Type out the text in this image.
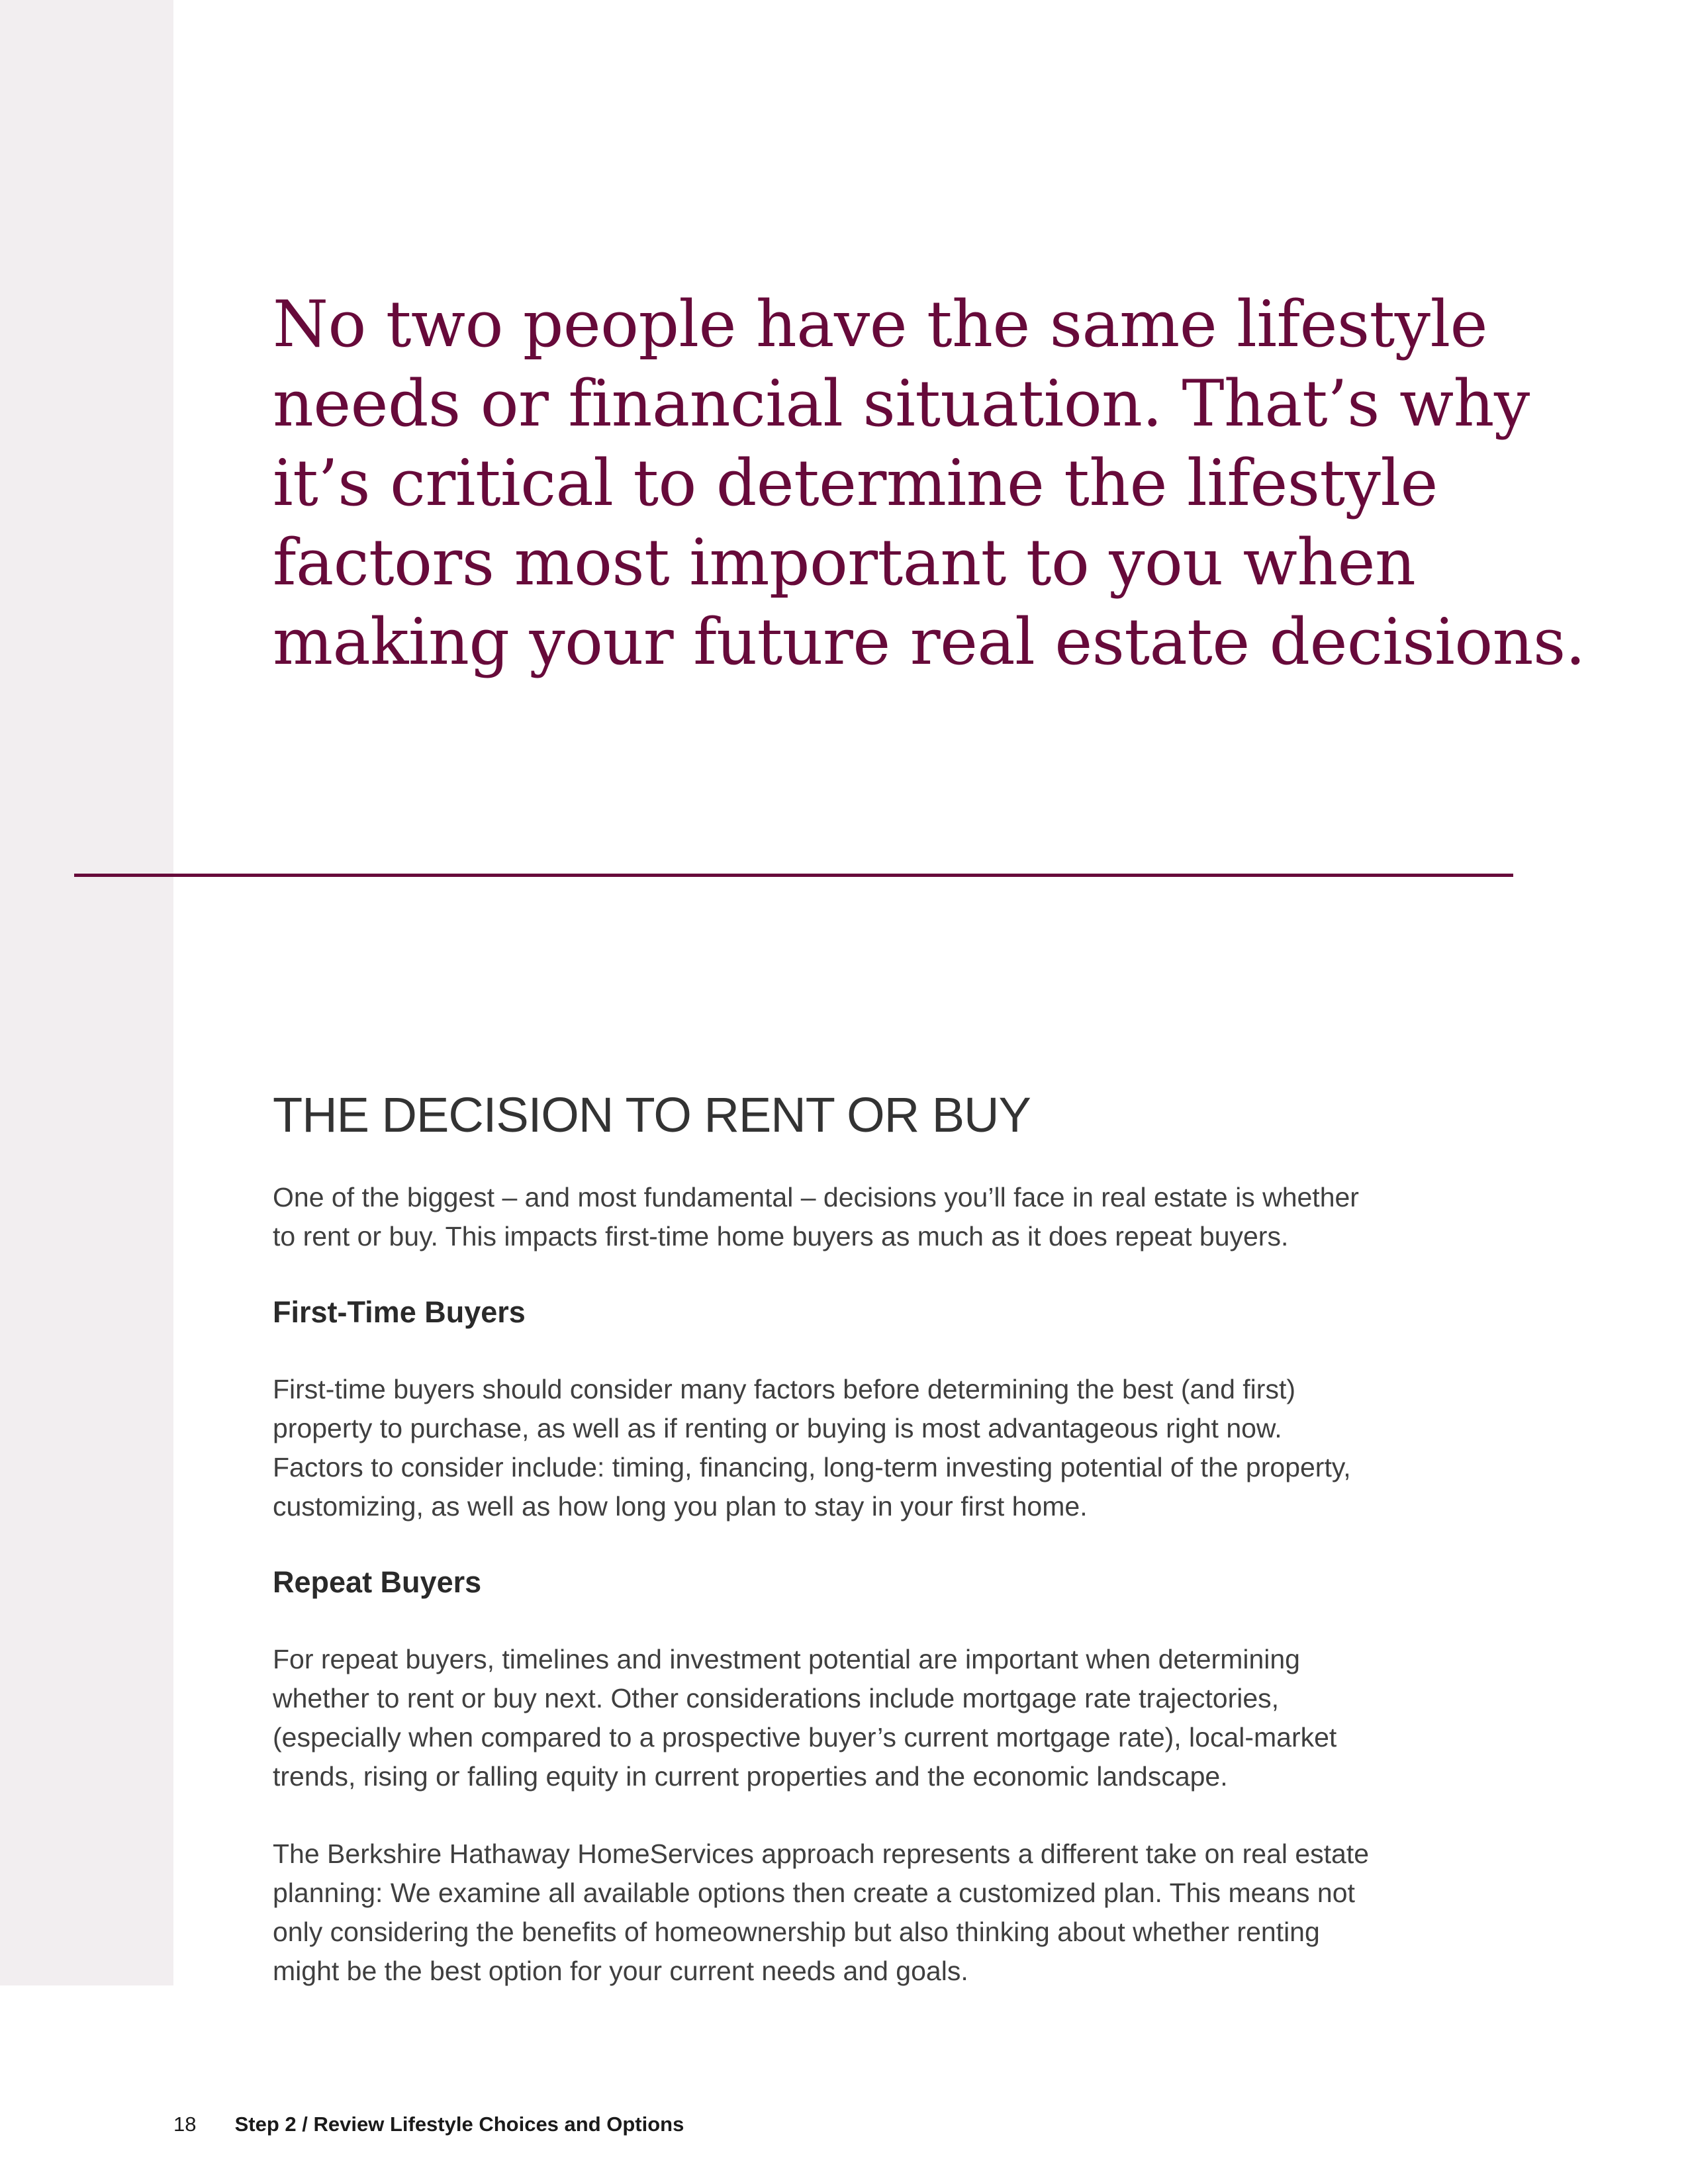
No two people have the same lifestyle
needs or financial situation. That’s why
it’s critical to determine the lifestyle
factors most important to you when
making your future real estate decisions.
THE DECISION TO RENT OR BUY

One of the biggest – and most fundamental – decisions you’ll face in real estate is whether
to rent or buy. This impacts first-time home buyers as much as it does repeat buyers.

First-Time Buyers

First-time buyers should consider many factors before determining the best (and first)
property to purchase, as well as if renting or buying is most advantageous right now.
Factors to consider include: timing, financing, long-term investing potential of the property,
customizing, as well as how long you plan to stay in your first home.

Repeat Buyers

For repeat buyers, timelines and investment potential are important when determining
whether to rent or buy next. Other considerations include mortgage rate trajectories,
(especially when compared to a prospective buyer’s current mortgage rate), local-market
trends, rising or falling equity in current properties and the economic landscape.

The Berkshire Hathaway HomeServices approach represents a different take on real estate
planning: We examine all available options then create a customized plan. This means not
only considering the benefits of homeownership but also thinking about whether renting
might be the best option for your current needs and goals.

18 Step 2 / Review Lifestyle Choices and Options
